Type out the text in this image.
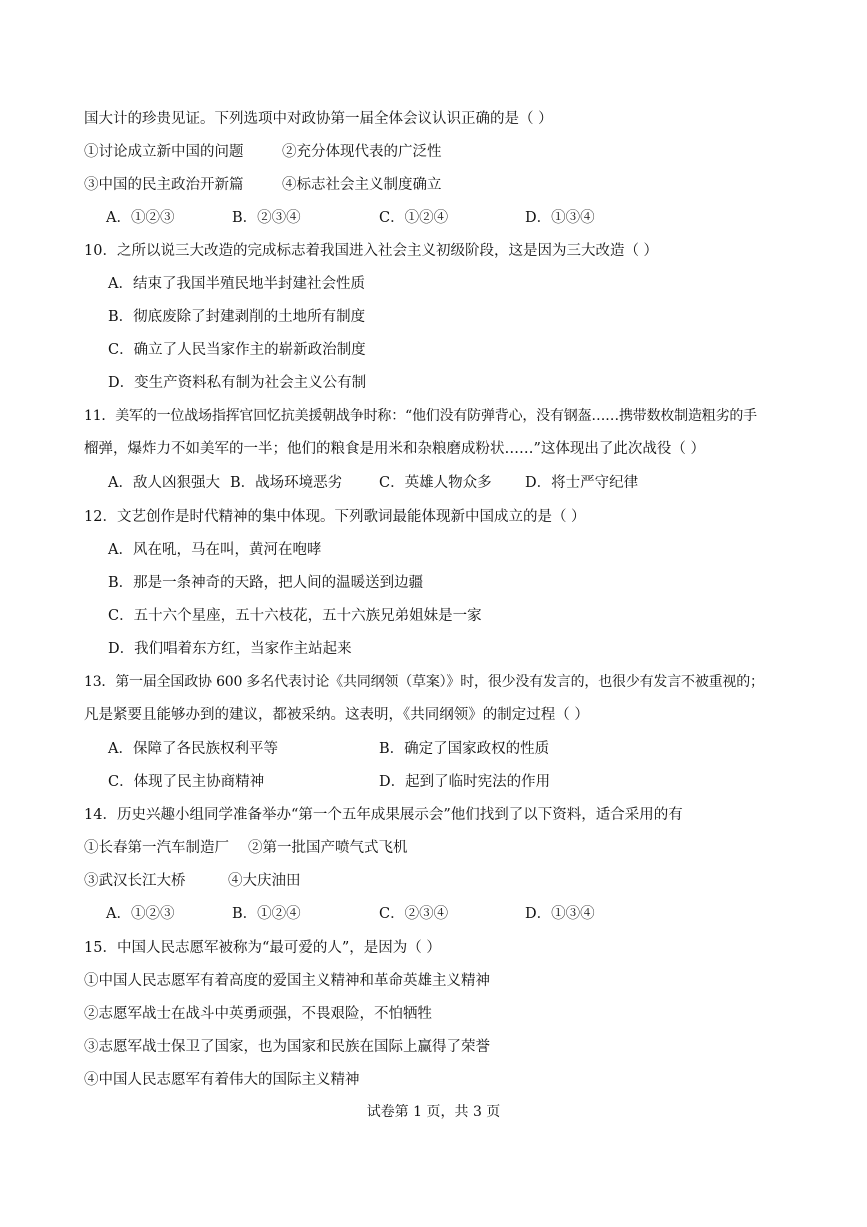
国大计的珍贵见证。下列选项中对政协第一届全体会议认识正确的是（ ）
①讨论成立新中国的问题	②充分体现代表的广泛性
③中国的民主政治开新篇	④标志社会主义制度确立
A．①②③	B．②③④	C．①②④	D．①③④
10．之所以说三大改造的完成标志着我国进入社会主义初级阶段，这是因为三大改造（ ）
A．结束了我国半殖民地半封建社会性质
B．彻底废除了封建剥削的土地所有制度
C．确立了人民当家作主的崭新政治制度
D．变生产资料私有制为社会主义公有制
11．美军的一位战场指挥官回忆抗美援朝战争时称：“他们没有防弹背心，没有钢盔……携带数枚制造粗劣的手
榴弹，爆炸力不如美军的一半；他们的粮食是用米和杂粮磨成粉状……”这体现出了此次战役（ ）
A．敌人凶狠强大 B．战场环境恶劣	C．英雄人物众多 D．将士严守纪律
12．文艺创作是时代精神的集中体现。下列歌词最能体现新中国成立的是（ ）
A．风在吼，马在叫，黄河在咆哮
B．那是一条神奇的天路，把人间的温暖送到边疆
C．五十六个星座，五十六枝花，五十六族兄弟姐妹是一家
D．我们唱着东方红，当家作主站起来
13．第一届全国政协 600 多名代表讨论《共同纲领（草案）》时，很少没有发言的，也很少有发言不被重视的；
凡是紧要且能够办到的建议，都被采纳。这表明，《共同纲领》的制定过程（ ）
A．保障了各民族权利平等	B．确定了国家政权的性质
C．体现了民主协商精神	D．起到了临时宪法的作用
14．历史兴趣小组同学准备举办“第一个五年成果展示会”他们找到了以下资料，适合采用的有
①长春第一汽车制造厂 ②第一批国产喷气式飞机
③武汉长江大桥	④大庆油田
A．①②③	B．①②④	C．②③④	D．①③④
15．中国人民志愿军被称为“最可爱的人”，是因为（ ）
①中国人民志愿军有着高度的爱国主义精神和革命英雄主义精神
②志愿军战士在战斗中英勇顽强，不畏艰险，不怕牺牲
③志愿军战士保卫了国家，也为国家和民族在国际上赢得了荣誉
④中国人民志愿军有着伟大的国际主义精神
试卷第 1 页，共 3 页
